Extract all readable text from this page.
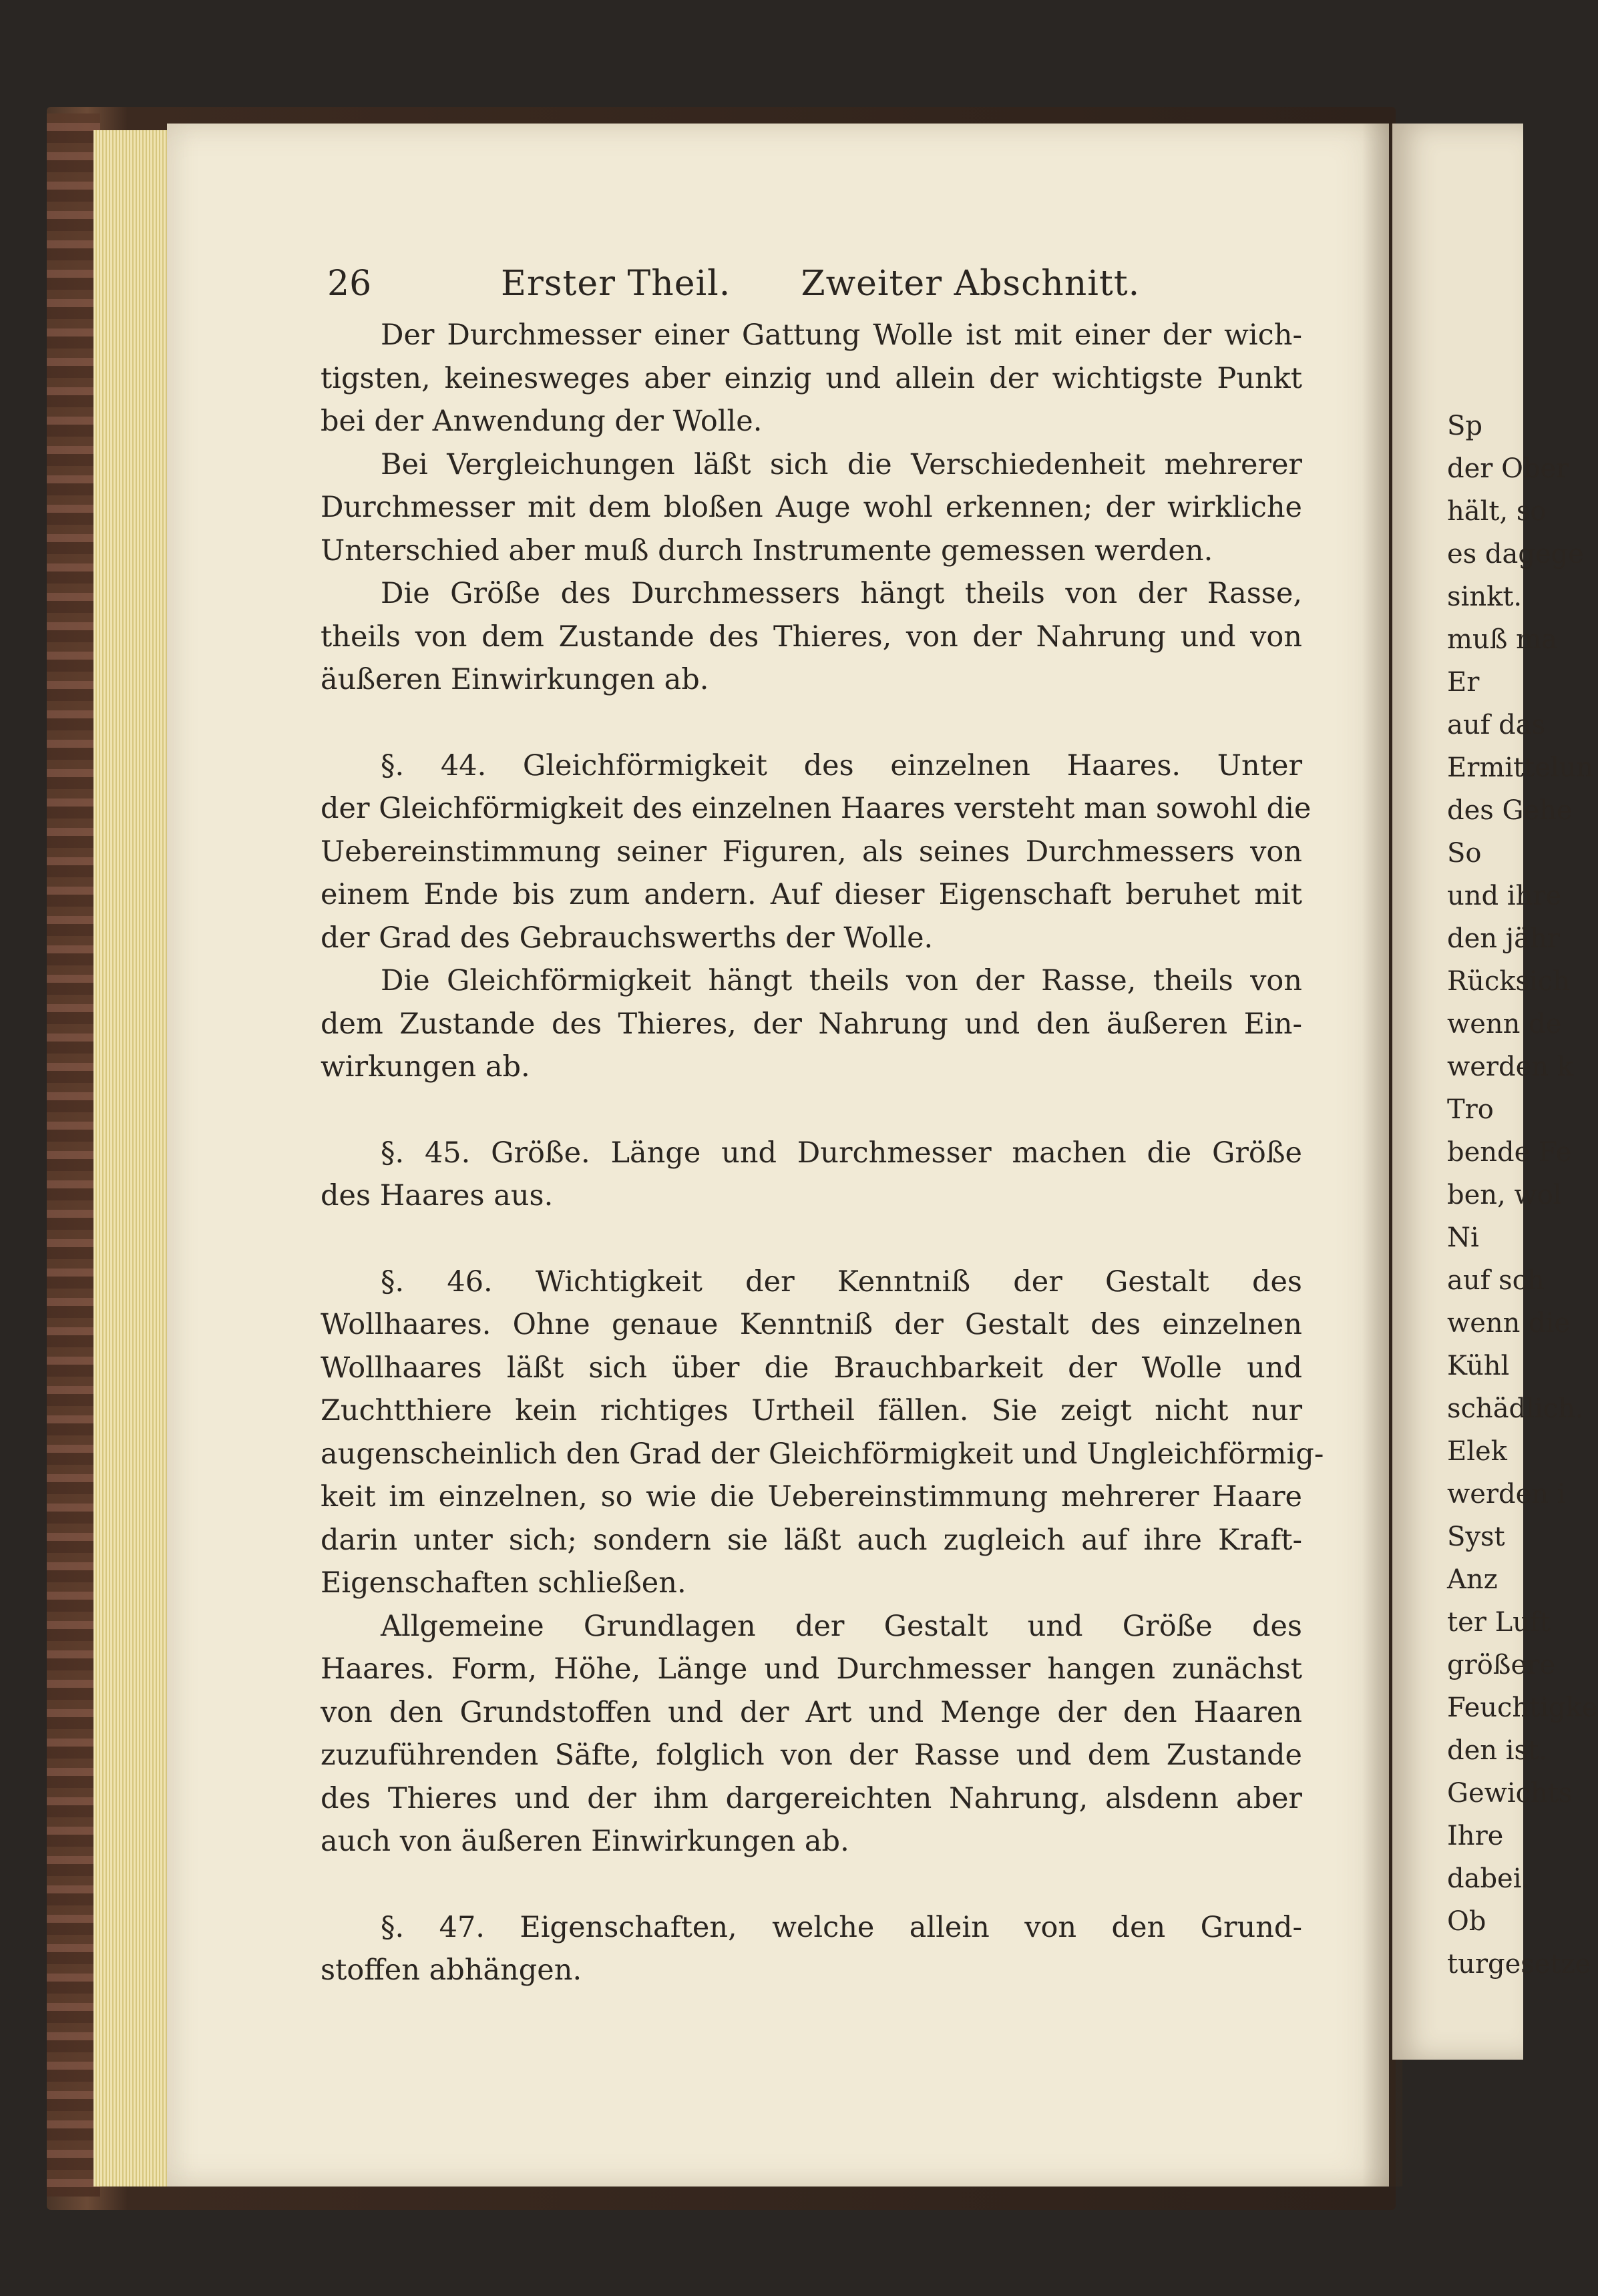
Sp
der Ober
hält, so
es dagege
sinkt.
muß ma
Er
auf das
Ermittelun
des Gehe
So
und ihre
den jähr
Rücksich
wenn de
werden k
Tro
bende Fe
ben, wol
Ni
auf sch
wenn die
Kühl
schädlich.
Elek
werden i
Syst
Anz
ter Luft
größere
Feuchtigke
den ist.
Gewichts
Ihre
dabei.
Ob
turgesetze
26	Erster Theil.      Zweiter Abschnitt.
Der Durchmesser einer Gattung Wolle ist mit einer der wich-
tigsten, keinesweges aber einzig und allein der wichtigste Punkt
bei der Anwendung der Wolle.
Bei Vergleichungen läßt sich die Verschiedenheit mehrerer
Durchmesser mit dem bloßen Auge wohl erkennen; der wirkliche
Unterschied aber muß durch Instrumente gemessen werden.
Die Größe des Durchmessers hängt theils von der Rasse,
theils von dem Zustande des Thieres, von der Nahrung und von
äußeren Einwirkungen ab.
§. 44. Gleichförmigkeit des einzelnen Haares. Unter
der Gleichförmigkeit des einzelnen Haares versteht man sowohl die
Uebereinstimmung seiner Figuren, als seines Durchmessers von
einem Ende bis zum andern. Auf dieser Eigenschaft beruhet mit
der Grad des Gebrauchswerths der Wolle.
Die Gleichförmigkeit hängt theils von der Rasse, theils von
dem Zustande des Thieres, der Nahrung und den äußeren Ein-
wirkungen ab.
§. 45. Größe. Länge und Durchmesser machen die Größe
des Haares aus.
§. 46. Wichtigkeit der Kenntniß der Gestalt des
Wollhaares. Ohne genaue Kenntniß der Gestalt des einzelnen
Wollhaares läßt sich über die Brauchbarkeit der Wolle und
Zuchtthiere kein richtiges Urtheil fällen. Sie zeigt nicht nur
augenscheinlich den Grad der Gleichförmigkeit und Ungleichförmig-
keit im einzelnen, so wie die Uebereinstimmung mehrerer Haare
darin unter sich; sondern sie läßt auch zugleich auf ihre Kraft-
Eigenschaften schließen.
Allgemeine Grundlagen der Gestalt und Größe des
Haares. Form, Höhe, Länge und Durchmesser hangen zunächst
von den Grundstoffen und der Art und Menge der den Haaren
zuzuführenden Säfte, folglich von der Rasse und dem Zustande
des Thieres und der ihm dargereichten Nahrung, alsdenn aber
auch von äußeren Einwirkungen ab.
§. 47. Eigenschaften, welche allein von den Grund-
stoffen abhängen.
